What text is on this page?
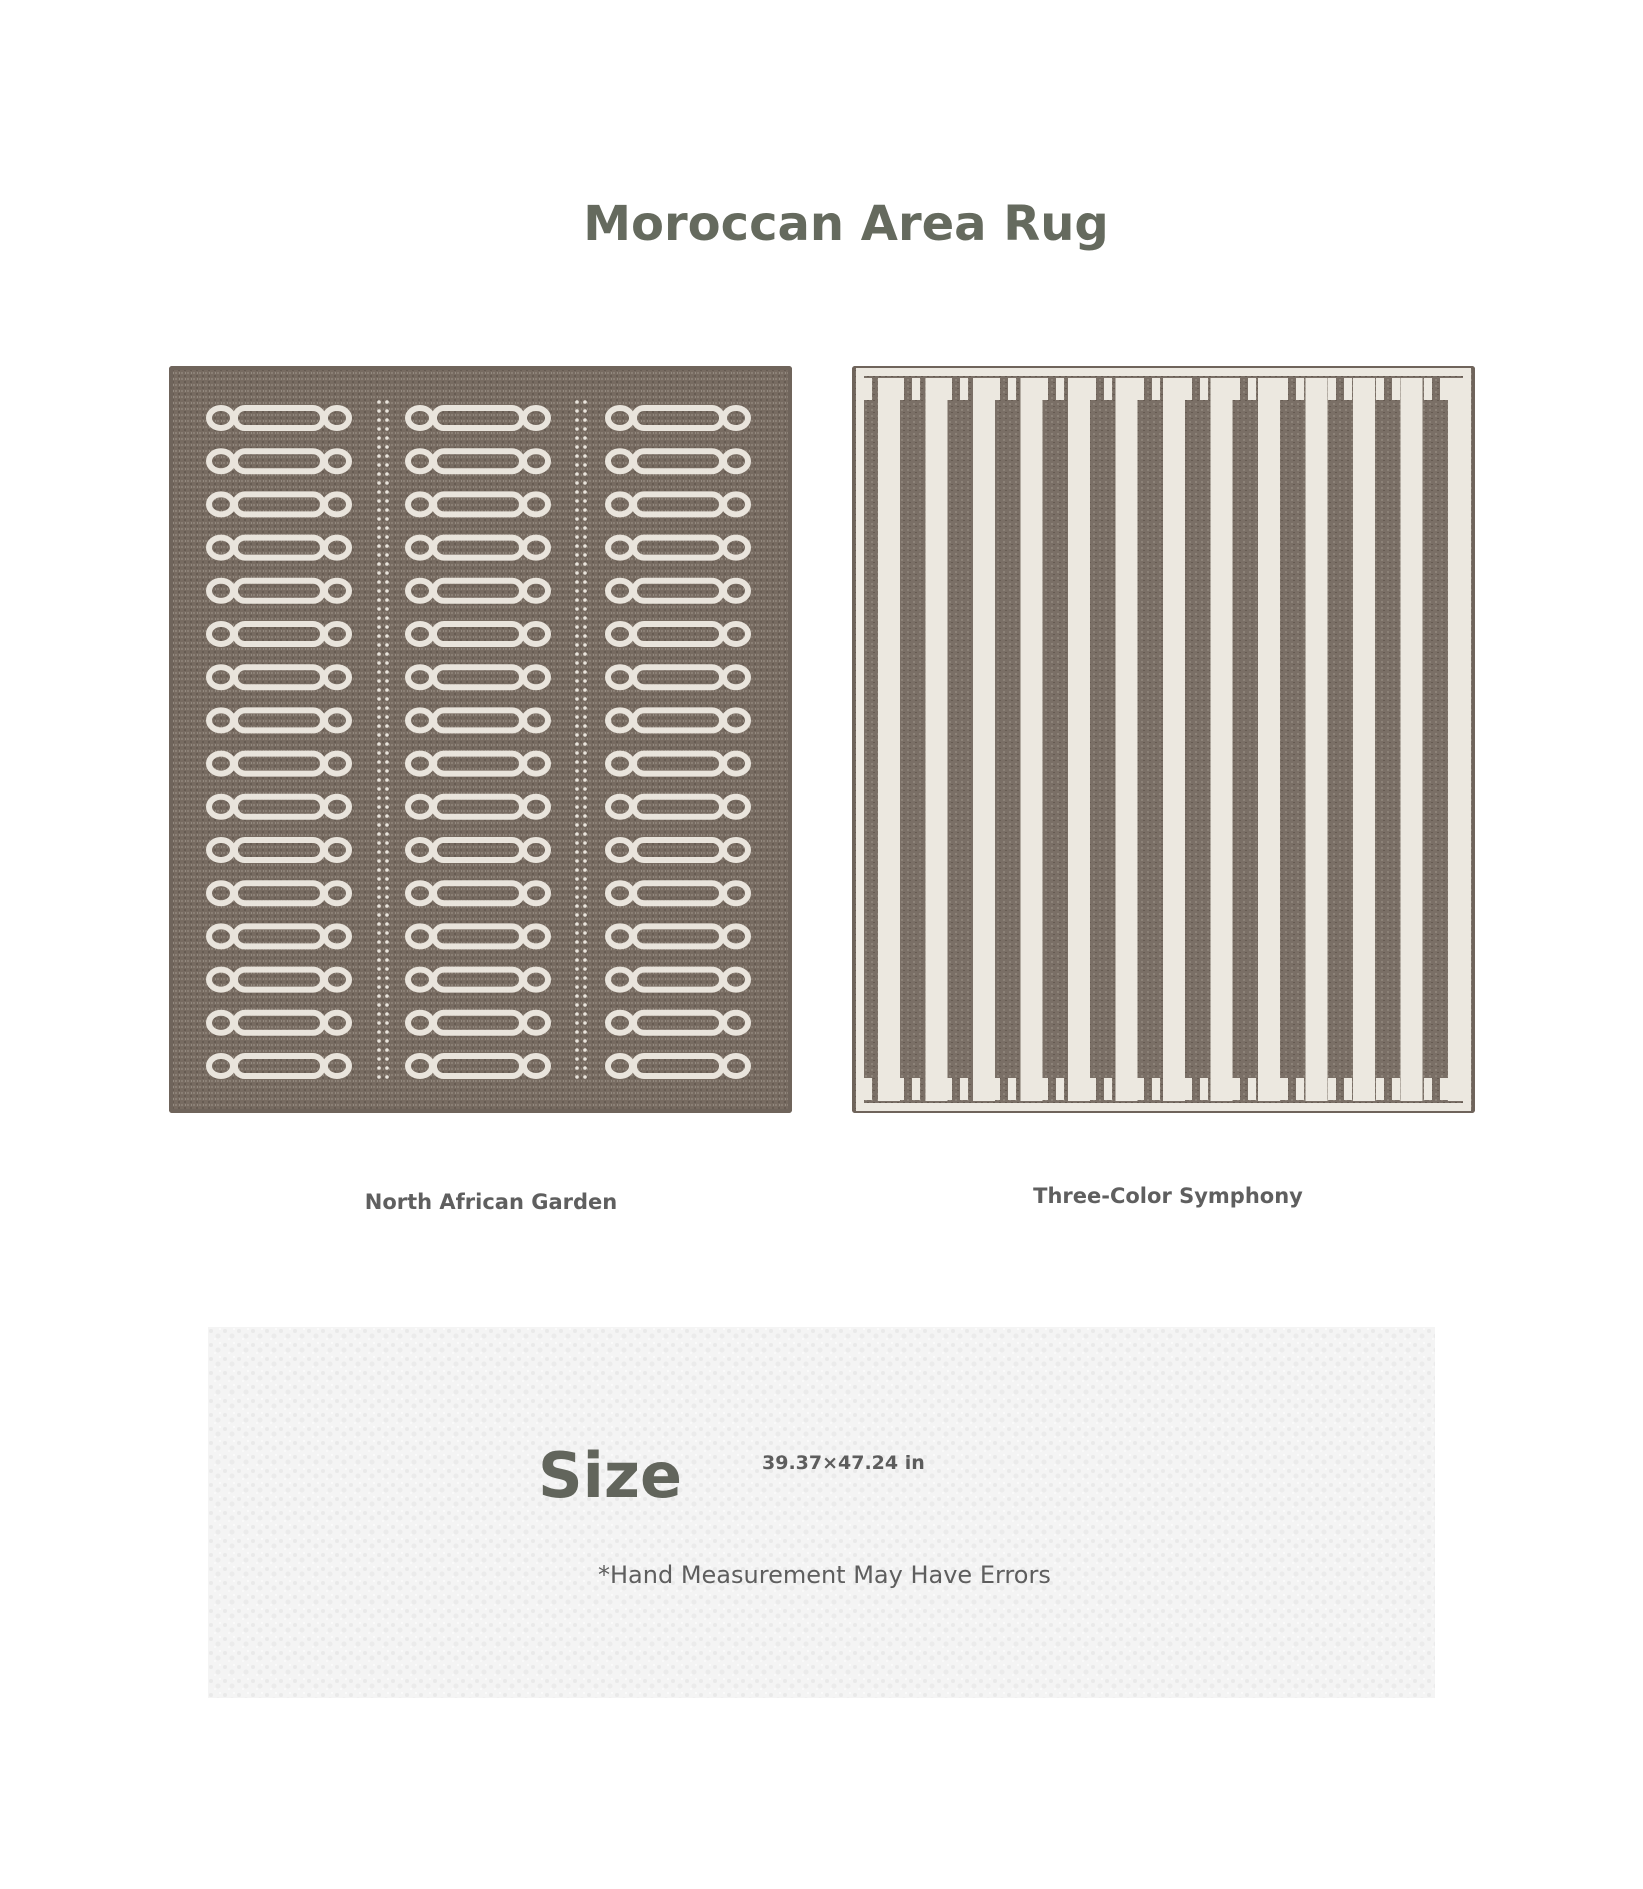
Moroccan Area Rug
North African Garden	Three-Color Symphony
Size	39.37×47.24 in
*Hand Measurement May Have Errors
